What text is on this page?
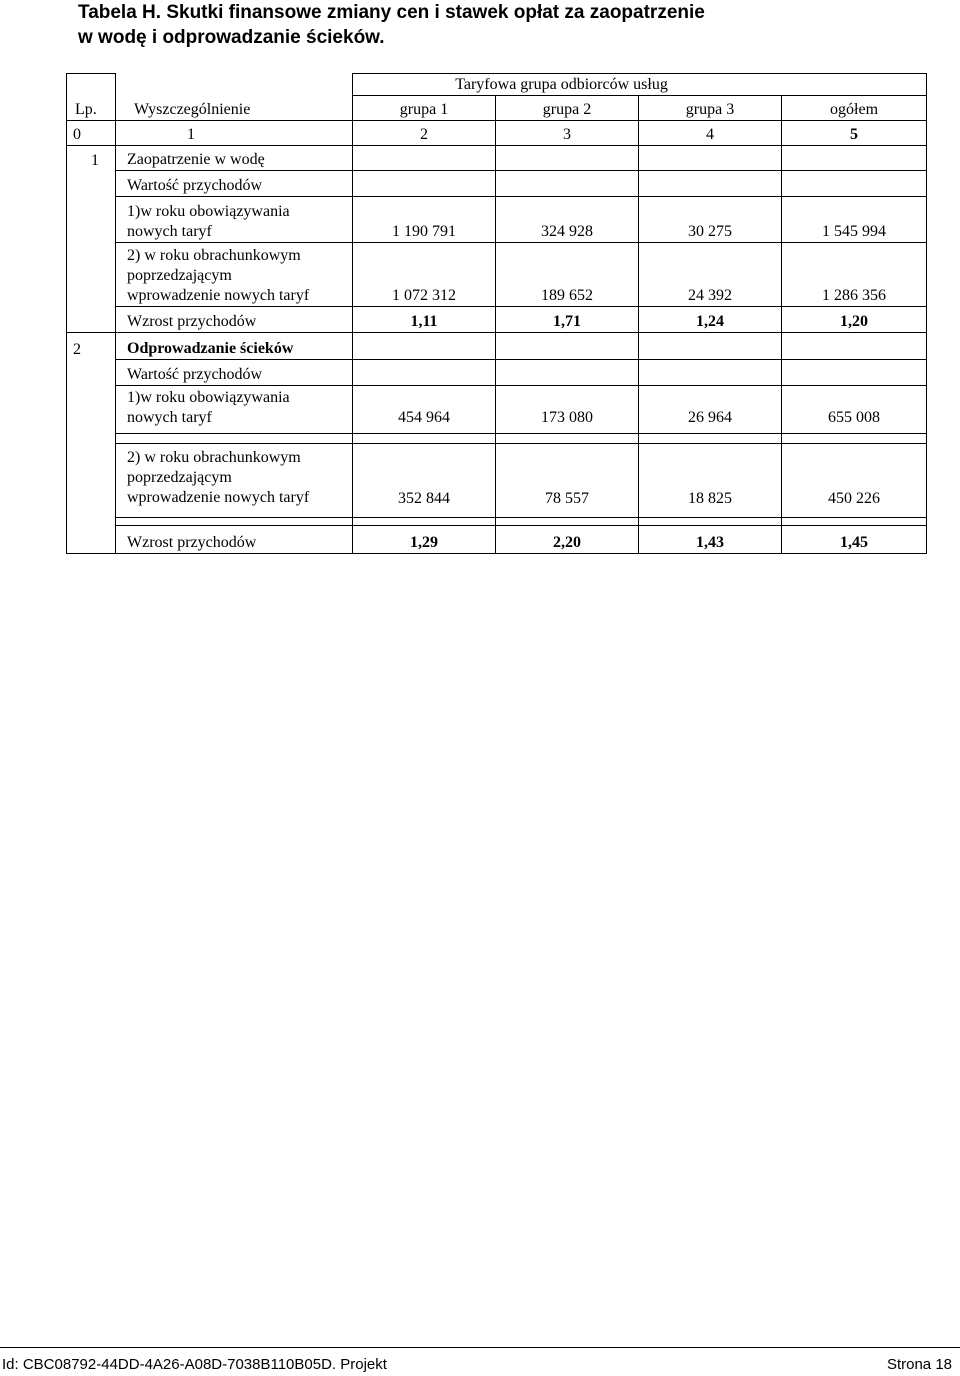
Tabela H. Skutki finansowe zmiany cen i stawek opłat za zaopatrzenie
w wodę i odprowadzanie ścieków.
		Taryfowa grupa odbiorców usług			
Lp.	Wyszczególnienie	grupa 1	grupa 2	grupa 3	ogółem
0	1	2	3	4	5
1	Zaopatrzenie w wodę				
	Wartość przychodów				

	1)w roku obowiązywania
nowych taryf	1 190 791	324 928	30 275	1 545 994

	2) w roku obrachunkowym
poprzedzającym
wprowadzenie nowych taryf	1 072 312	189 652	24 392	1 286 356
	Wzrost przychodów	1,11	1,71	1,24	1,20
2	Odprowadzanie ścieków				
	Wartość przychodów				

	1)w roku obowiązywania
nowych taryf	454 964	173 080	26 964	655 008

	2) w roku obrachunkowym
poprzedzającym
wprowadzenie nowych taryf	352 844	78 557	18 825	450 226

	Wzrost przychodów	1,29	2,20	1,43	1,45
Id: CBC08792-44DD-4A26-A08D-7038B110B05D. Projekt	Strona 18
